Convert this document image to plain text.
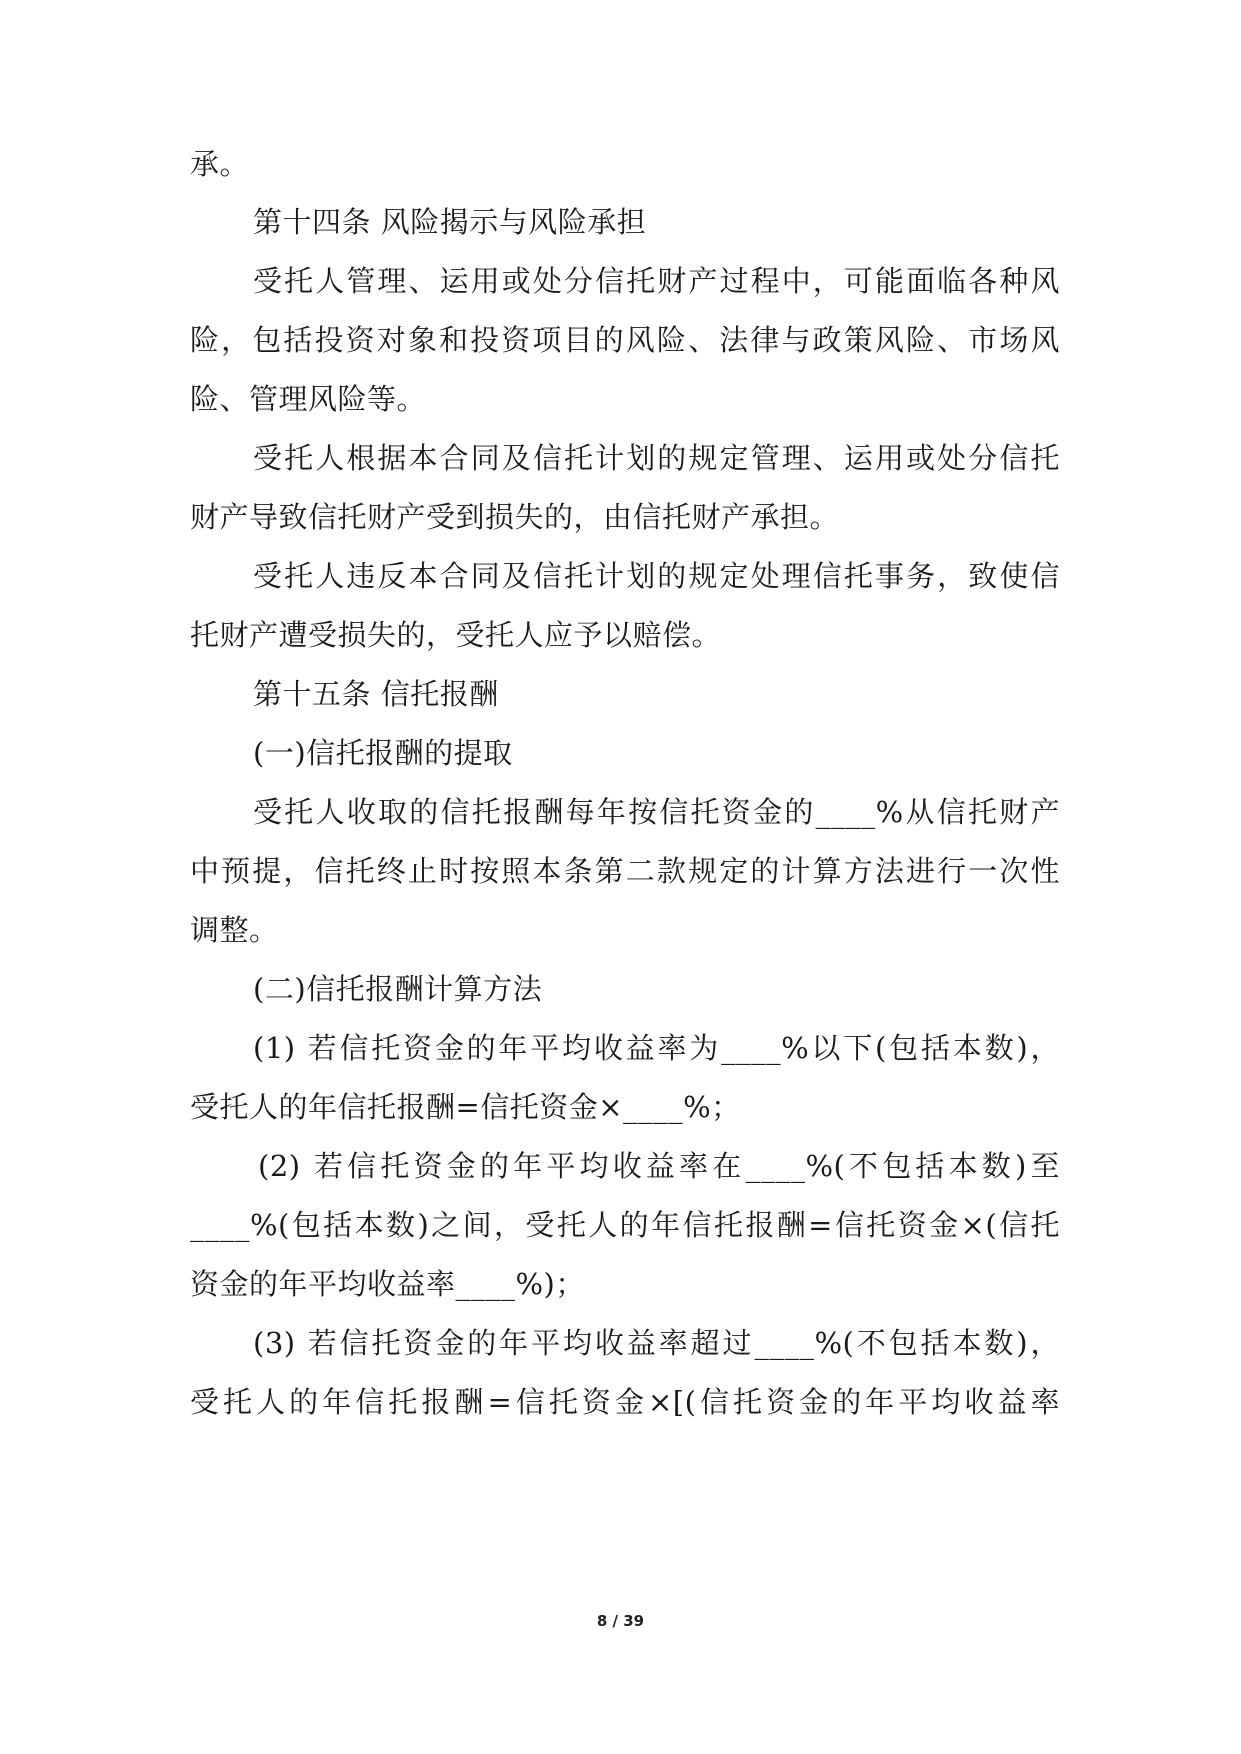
承。
第十四条 风险揭示与风险承担
受托人管理、运用或处分信托财产过程中，可能面临各种风
险，包括投资对象和投资项目的风险、法律与政策风险、市场风
险、管理风险等。
受托人根据本合同及信托计划的规定管理、运用或处分信托
财产导致信托财产受到损失的，由信托财产承担。
受托人违反本合同及信托计划的规定处理信托事务，致使信
托财产遭受损失的，受托人应予以赔偿。
第十五条 信托报酬
(一)信托报酬的提取
受托人收取的信托报酬每年按信托资金的____%从信托财产
中预提，信托终止时按照本条第二款规定的计算方法进行一次性
调整。
(二)信托报酬计算方法
(1) 若信托资金的年平均收益率为____%以下(包括本数)，
受托人的年信托报酬=信托资金×____%；
(2) 若信托资金的年平均收益率在____%(不包括本数)至
____%(包括本数)之间，受托人的年信托报酬=信托资金×(信托
资金的年平均收益率____%)；
(3) 若信托资金的年平均收益率超过____%(不包括本数)，
受托人的年信托报酬=信托资金×[(信托资金的年平均收益率
8 / 39
